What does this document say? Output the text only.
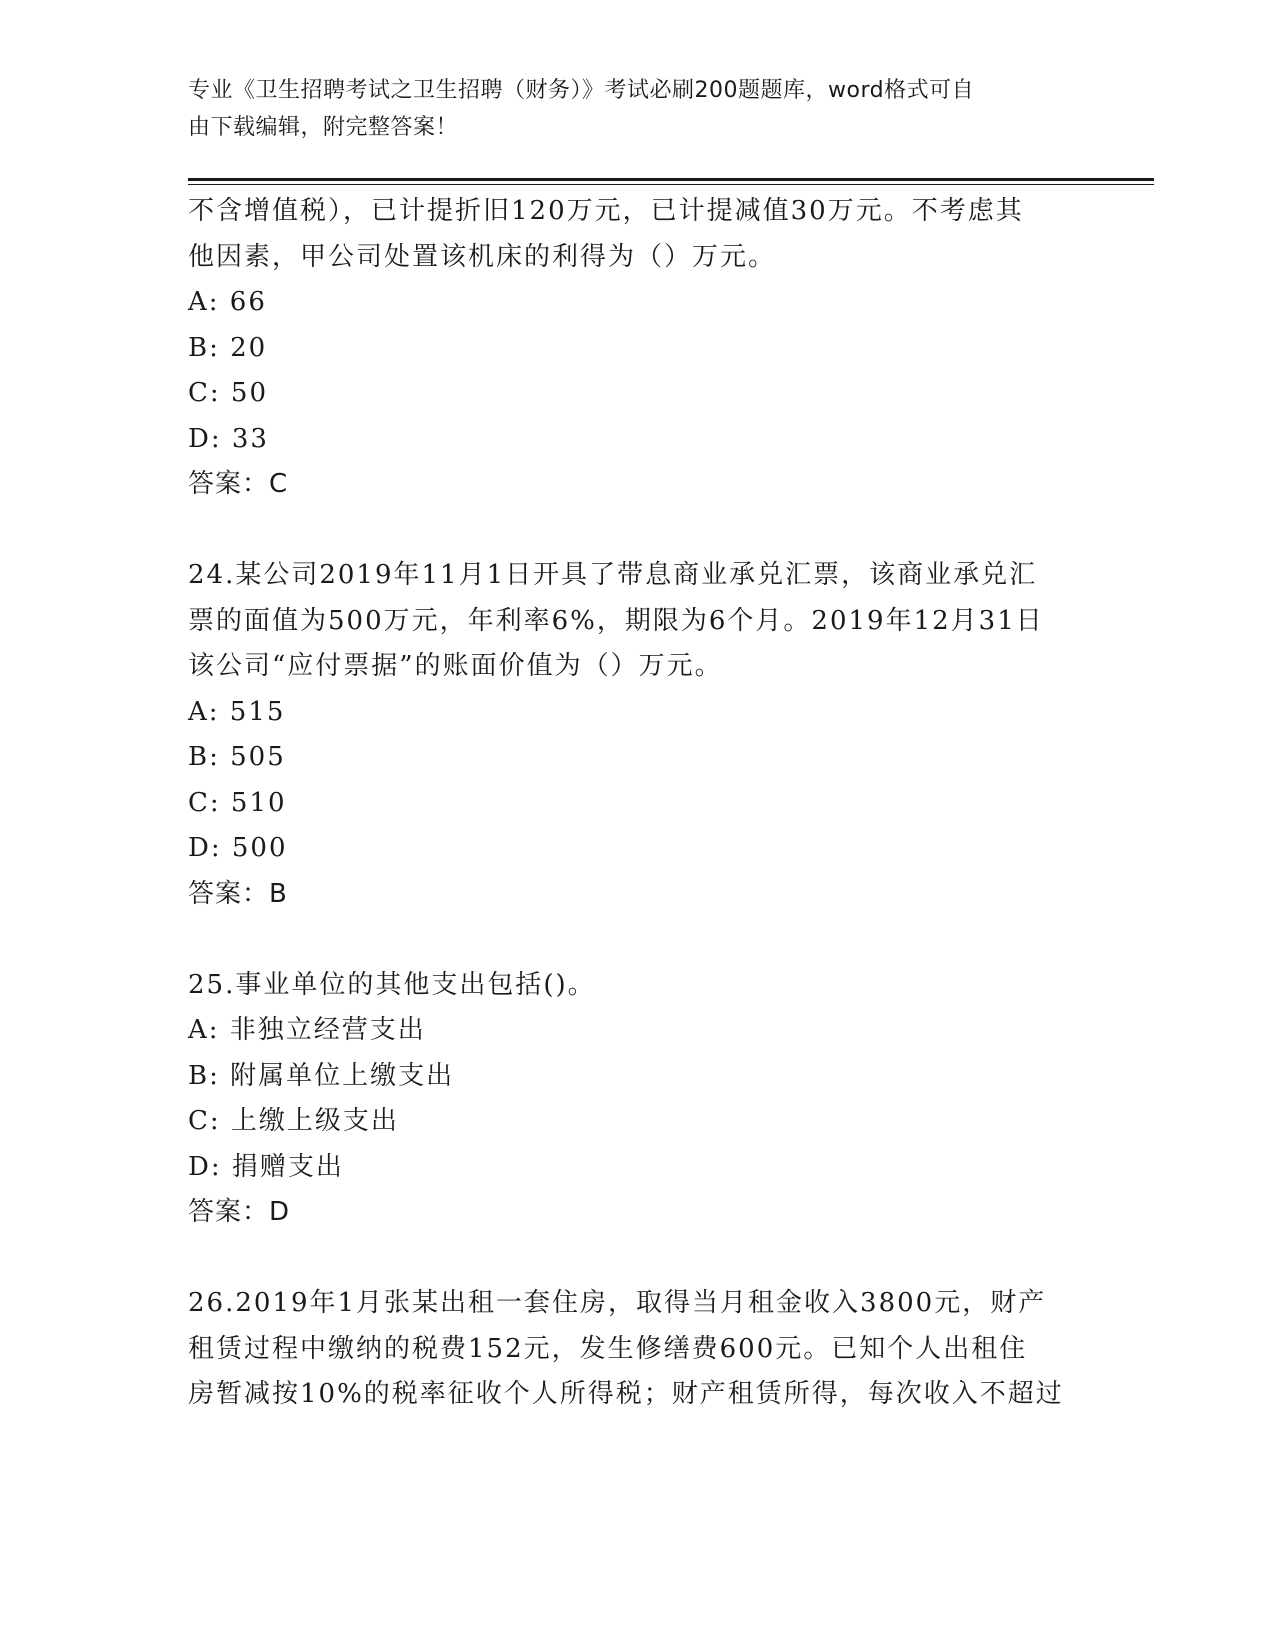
专业《卫生招聘考试之卫生招聘（财务）》考试必刷200题题库，word格式可自
由下载编辑，附完整答案！
不含增值税），已计提折旧120万元，已计提减值30万元。不考虑其
他因素，甲公司处置该机床的利得为（）万元。
A: 66
B: 20
C: 50
D: 33
答案：C
24.某公司2019年11月1日开具了带息商业承兑汇票，该商业承兑汇
票的面值为500万元，年利率6%，期限为6个月。2019年12月31日
该公司“应付票据”的账面价值为（）万元。
A: 515
B: 505
C: 510
D: 500
答案：B
25.事业单位的其他支出包括()。
A: 非独立经营支出
B: 附属单位上缴支出
C: 上缴上级支出
D: 捐赠支出
答案：D
26.2019年1月张某出租一套住房，取得当月租金收入3800元，财产
租赁过程中缴纳的税费152元，发生修缮费600元。已知个人出租住
房暂减按10%的税率征收个人所得税；财产租赁所得，每次收入不超过
